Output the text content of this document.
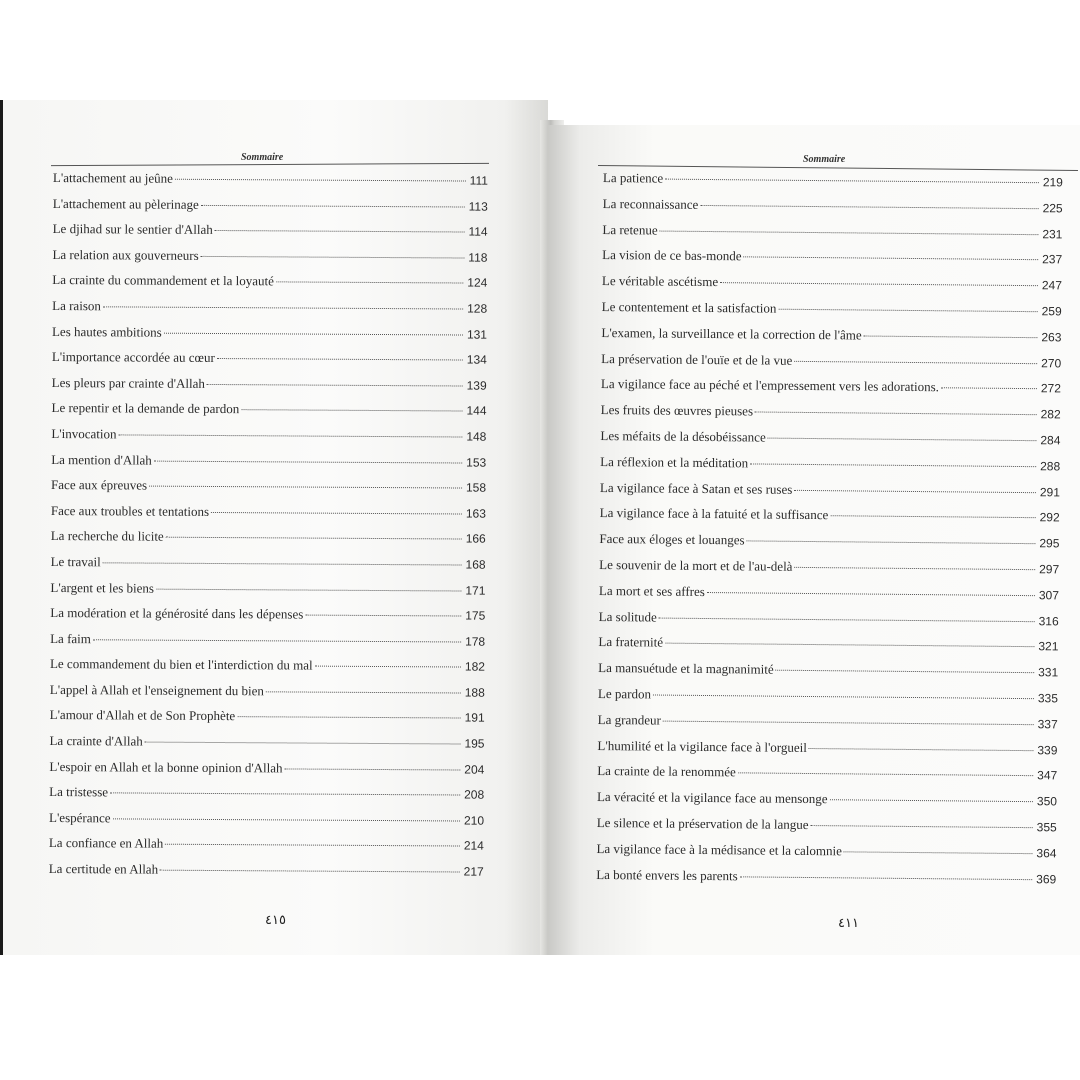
Sommaire
L'attachement au jeûne	111
L'attachement au pèlerinage	113
Le djihad sur le sentier d'Allah	114
La relation aux gouverneurs	118
La crainte du commandement et la loyauté	124
La raison	128
Les hautes ambitions	131
L'importance accordée au cœur	134
Les pleurs par crainte d'Allah	139
Le repentir et la demande de pardon	144
L'invocation	148
La mention d'Allah	153
Face aux épreuves	158
Face aux troubles et tentations	163
La recherche du licite	166
Le travail	168
L'argent et les biens	171
La modération et la générosité dans les dépenses	175
La faim	178
Le commandement du bien et l'interdiction du mal	182
L'appel à Allah et l'enseignement du bien	188
L'amour d'Allah et de Son Prophète	191
La crainte d'Allah	195
L'espoir en Allah et la bonne opinion d'Allah	204
La tristesse	208
L'espérance	210
La confiance en Allah	214
La certitude en Allah	217
٤١٥
Sommaire
La patience	219
La reconnaissance	225
La retenue	231
La vision de ce bas-monde	237
Le véritable ascétisme	247
Le contentement et la satisfaction	259
L'examen, la surveillance et la correction de l'âme	263
La préservation de l'ouïe et de la vue	270
La vigilance face au péché et l'empressement vers les adorations.	272
Les fruits des œuvres pieuses	282
Les méfaits de la désobéissance	284
La réflexion et la méditation	288
La vigilance face à Satan et ses ruses	291
La vigilance face à la fatuité et la suffisance	292
Face aux éloges et louanges	295
Le souvenir de la mort et de l'au-delà	297
La mort et ses affres	307
La solitude	316
La fraternité	321
La mansuétude et la magnanimité	331
Le pardon	335
La grandeur	337
L'humilité et la vigilance face à l'orgueil	339
La crainte de la renommée	347
La véracité et la vigilance face au mensonge	350
Le silence et la préservation de la langue	355
La vigilance face à la médisance et la calomnie	364
La bonté envers les parents	369
٤١١
